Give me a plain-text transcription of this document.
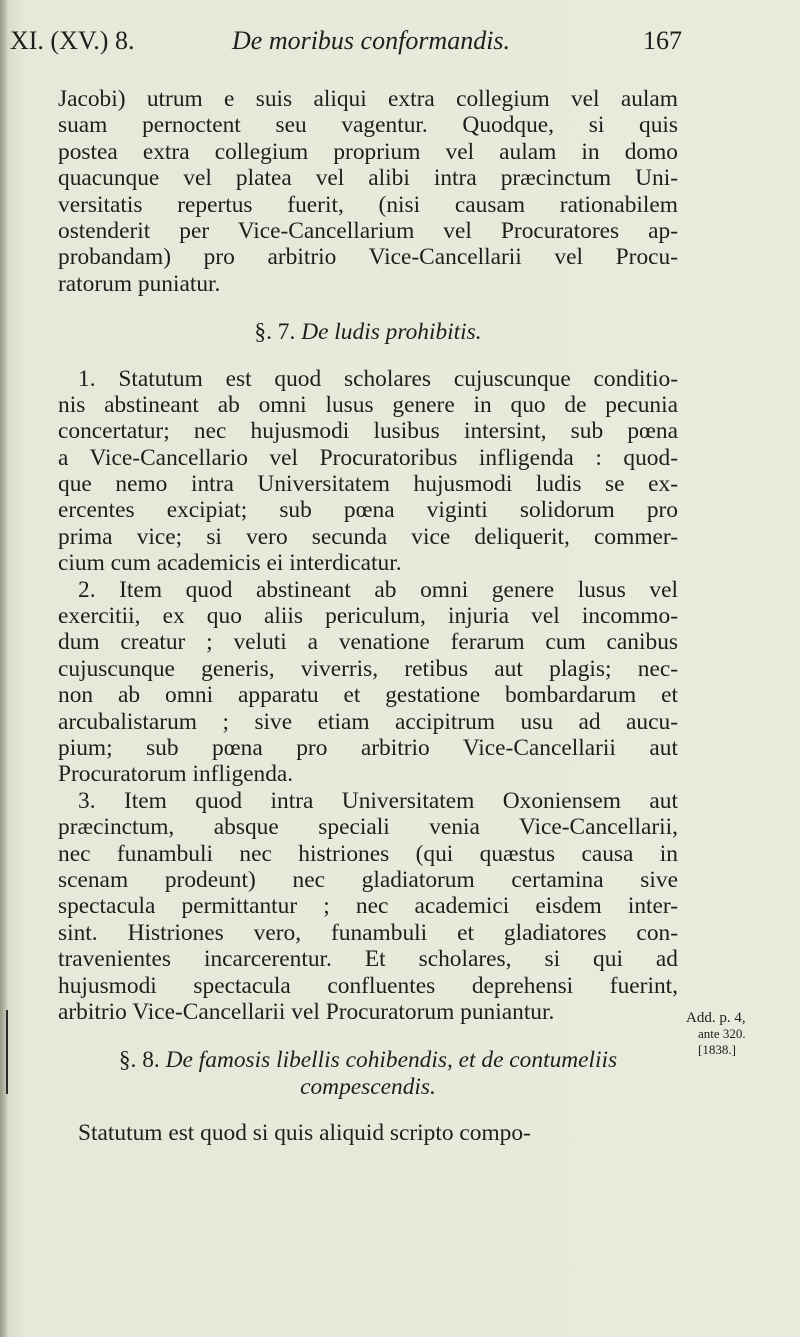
XI. (XV.) 8.	De moribus conformandis.	167
Jacobi) utrum e suis aliqui extra collegium vel aulam
suam pernoctent seu vagentur. Quodque, si quis
postea extra collegium proprium vel aulam in domo
quacunque vel platea vel alibi intra præcinctum Uni-
versitatis repertus fuerit, (nisi causam rationabilem
ostenderit per Vice-Cancellarium vel Procuratores ap-
probandam) pro arbitrio Vice-Cancellarii vel Procu-
ratorum puniatur.
§. 7. De ludis prohibitis.
1. Statutum est quod scholares cujuscunque conditio-
nis abstineant ab omni lusus genere in quo de pecunia
concertatur; nec hujusmodi lusibus intersint, sub pœna
a Vice-Cancellario vel Procuratoribus infligenda : quod-
que nemo intra Universitatem hujusmodi ludis se ex-
ercentes excipiat; sub pœna viginti solidorum pro
prima vice; si vero secunda vice deliquerit, commer-
cium cum academicis ei interdicatur.
2. Item quod abstineant ab omni genere lusus vel
exercitii, ex quo aliis periculum, injuria vel incommo-
dum creatur ; veluti a venatione ferarum cum canibus
cujuscunque generis, viverris, retibus aut plagis; nec-
non ab omni apparatu et gestatione bombardarum et
arcubalistarum ; sive etiam accipitrum usu ad aucu-
pium; sub pœna pro arbitrio Vice-Cancellarii aut
Procuratorum infligenda.
3. Item quod intra Universitatem Oxoniensem aut
præcinctum, absque speciali venia Vice-Cancellarii,
nec funambuli nec histriones (qui quæstus causa in
scenam prodeunt) nec gladiatorum certamina sive
spectacula permittantur ; nec academici eisdem inter-
sint. Histriones vero, funambuli et gladiatores con-
travenientes incarcerentur. Et scholares, si qui ad
hujusmodi spectacula confluentes deprehensi fuerint,
arbitrio Vice-Cancellarii vel Procuratorum puniantur.
§. 8. De famosis libellis cohibendis, et de contumeliis
compescendis.
Statutum est quod si quis aliquid scripto compo-
Add. p. 4,
ante 320.
[1838.]
